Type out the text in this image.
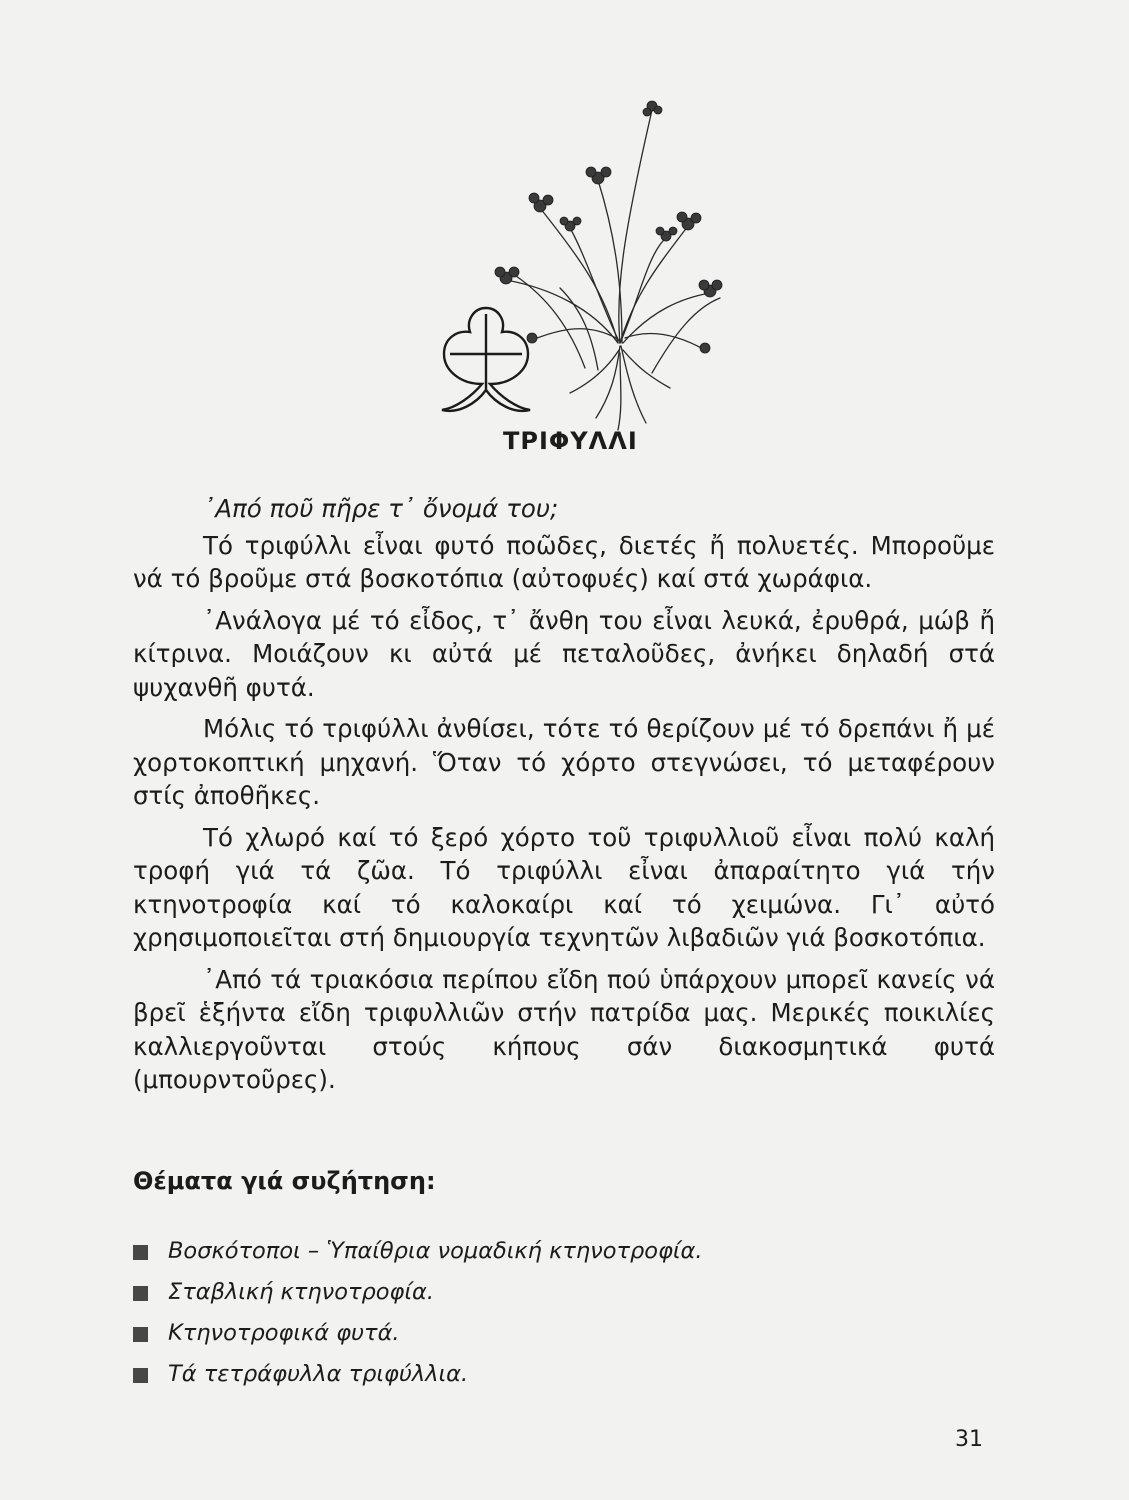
ΤΡΙΦΥΛΛΙ

᾿Από ποῦ πῆρε τ᾿ ὄνομά του;

Τό τριφύλλι εἶναι φυτό ποῶδες, διετές ἤ πολυετές. Μποροῦμε νά τό βροῦμε στά βοσκοτόπια (αὐτοφυές) καί στά χωράφια.

᾿Ανάλογα μέ τό εἶδος, τ᾿ ἄνθη του εἶναι λευκά, ἐρυθρά, μώβ ἤ κίτρινα. Μοιάζουν κι αὐτά μέ πεταλοῦδες, ἀνήκει δηλαδή στά ψυχανθῆ φυτά.

Μόλις τό τριφύλλι ἀνθίσει, τότε τό θερίζουν μέ τό δρεπάνι ἤ μέ χορτοκοπτική μηχανή. Ὅταν τό χόρτο στεγνώσει, τό μεταφέρουν στίς ἀποθῆκες.

Τό χλωρό καί τό ξερό χόρτο τοῦ τριφυλλιοῦ εἶναι πολύ καλή τροφή γιά τά ζῶα. Τό τριφύλλι εἶναι ἀπαραίτητο γιά τήν κτηνοτροφία καί τό καλοκαίρι καί τό χειμώνα. Γι᾿ αὐτό χρησιμοποιεῖται στή δημιουργία τεχνητῶν λιβαδιῶν γιά βοσκοτόπια.

᾿Από τά τριακόσια περίπου εἴδη πού ὑπάρχουν μπορεῖ κανείς νά βρεῖ ἑξήντα εἴδη τριφυλλιῶν στήν πατρίδα μας. Μερικές ποικιλίες καλλιεργοῦνται στούς κήπους σάν διακοσμητικά φυτά (μπουρντοῦρες).

Θέματα γιά συζήτηση:
Βοσκότοποι – Ὑπαίθρια νομαδική κτηνοτροφία.
Σταβλική κτηνοτροφία.
Κτηνοτροφικά φυτά.
Τά τετράφυλλα τριφύλλια.
31
